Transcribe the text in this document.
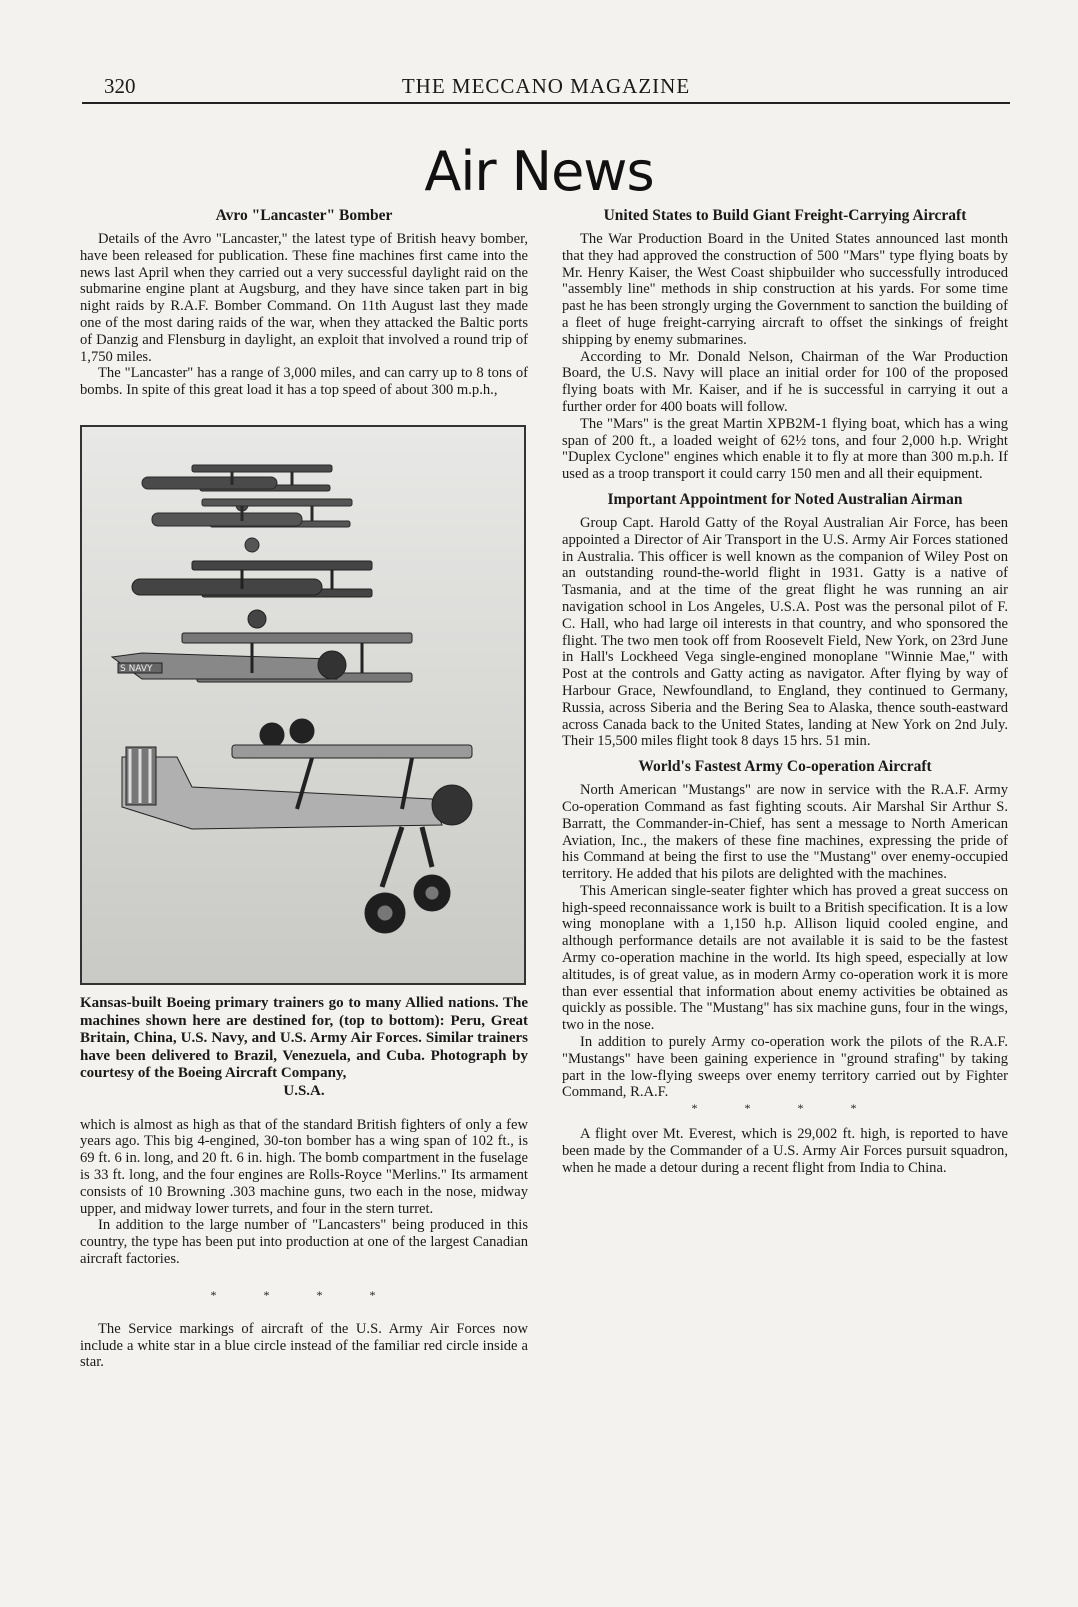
320	THE MECCANO MAGAZINE
Air News
Avro "Lancaster" Bomber

Details of the Avro "Lancaster," the latest type of British heavy bomber, have been released for publication. These fine machines first came into the news last April when they carried out a very successful daylight raid on the submarine engine plant at Augsburg, and they have since taken part in big night raids by R.A.F. Bomber Command. On 11th August last they made one of the most daring raids of the war, when they attacked the Baltic ports of Danzig and Flensburg in daylight, an exploit that involved a round trip of 1,750 miles.

The "Lancaster" has a range of 3,000 miles, and can carry up to 8 tons of bombs. In spite of this great load it has a top speed of about 300 m.p.h.,

S NAVY
Kansas-built Boeing primary trainers go to many Allied nations. The machines shown here are destined for, (top to bottom): Peru, Great Britain, China, U.S. Navy, and U.S. Army Air Forces. Similar trainers have been delivered to Brazil, Venezuela, and Cuba. Photograph by courtesy of the Boeing Aircraft Company,
U.S.A.

which is almost as high as that of the standard British fighters of only a few years ago. This big 4-engined, 30-ton bomber has a wing span of 102 ft., is 69 ft. 6 in. long, and 20 ft. 6 in. high. The bomb compartment in the fuselage is 33 ft. long, and the four engines are Rolls-Royce "Merlins." Its armament consists of 10 Browning .303 machine guns, two each in the nose, midway upper, and midway lower turrets, and four in the stern turret.

In addition to the large number of "Lancasters" being produced in this country, the type has been put into production at one of the largest Canadian aircraft factories.

* * * *

The Service markings of aircraft of the U.S. Army Air Forces now include a white star in a blue circle instead of the familiar red circle inside a star.

United States to Build Giant Freight-Carrying Aircraft

The War Production Board in the United States announced last month that they had approved the construction of 500 "Mars" type flying boats by Mr. Henry Kaiser, the West Coast shipbuilder who successfully introduced "assembly line" methods in ship construction at his yards. For some time past he has been strongly urging the Government to sanction the building of a fleet of huge freight-carrying aircraft to offset the sinkings of freight shipping by enemy submarines.

According to Mr. Donald Nelson, Chairman of the War Production Board, the U.S. Navy will place an initial order for 100 of the proposed flying boats with Mr. Kaiser, and if he is successful in carrying it out a further order for 400 boats will follow.

The "Mars" is the great Martin XPB2M-1 flying boat, which has a wing span of 200 ft., a loaded weight of 62½ tons, and four 2,000 h.p. Wright "Duplex Cyclone" engines which enable it to fly at more than 300 m.p.h. If used as a troop transport it could carry 150 men and all their equipment.

Important Appointment for Noted Australian Airman

Group Capt. Harold Gatty of the Royal Australian Air Force, has been appointed a Director of Air Transport in the U.S. Army Air Forces stationed in Australia. This officer is well known as the companion of Wiley Post on an outstanding round-the-world flight in 1931. Gatty is a native of Tasmania, and at the time of the great flight he was running an air navigation school in Los Angeles, U.S.A. Post was the personal pilot of F. C. Hall, who had large oil interests in that country, and who sponsored the flight. The two men took off from Roosevelt Field, New York, on 23rd June in Hall's Lockheed Vega single-engined monoplane "Winnie Mae," with Post at the controls and Gatty acting as navigator. After flying by way of Harbour Grace, Newfoundland, to England, they continued to Germany, Russia, across Siberia and the Bering Sea to Alaska, thence south-eastward across Canada back to the United States, landing at New York on 2nd July. Their 15,500 miles flight took 8 days 15 hrs. 51 min.

World's Fastest Army Co-operation Aircraft

North American "Mustangs" are now in service with the R.A.F. Army Co-operation Command as fast fighting scouts. Air Marshal Sir Arthur S. Barratt, the Commander-in-Chief, has sent a message to North American Aviation, Inc., the makers of these fine machines, expressing the pride of his Command at being the first to use the "Mustang" over enemy-occupied territory. He added that his pilots are delighted with the machines.

This American single-seater fighter which has proved a great success on high-speed reconnaissance work is built to a British specification. It is a low wing monoplane with a 1,150 h.p. Allison liquid cooled engine, and although performance details are not available it is said to be the fastest Army co-operation machine in the world. Its high speed, especially at low altitudes, is of great value, as in modern Army co-operation work it is more than ever essential that information about enemy activities be obtained as quickly as possible. The "Mustang" has six machine guns, four in the wings, two in the nose.

In addition to purely Army co-operation work the pilots of the R.A.F. "Mustangs" have been gaining experience in "ground strafing" by taking part in the low-flying sweeps over enemy territory carried out by Fighter Command, R.A.F.

* * * *

A flight over Mt. Everest, which is 29,002 ft. high, is reported to have been made by the Commander of a U.S. Army Air Forces pursuit squadron, when he made a detour during a recent flight from India to China.
